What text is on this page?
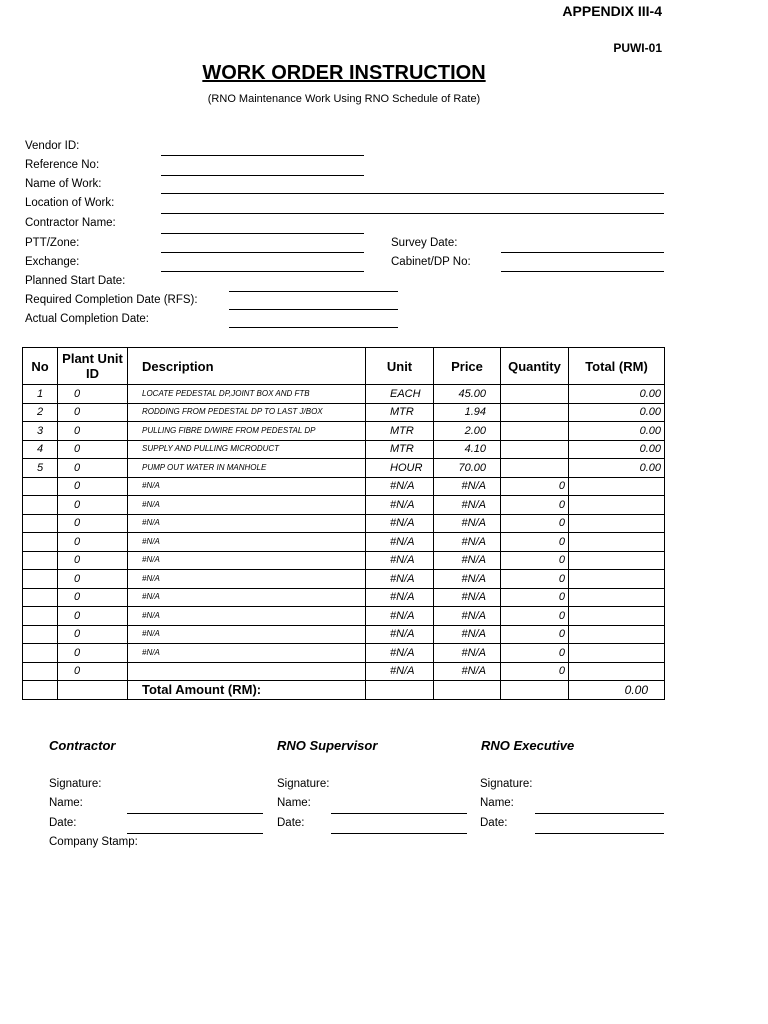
APPENDIX III-4
PUWI-01
WORK ORDER INSTRUCTION
(RNO Maintenance Work Using RNO Schedule of Rate)
Vendor ID:
Reference No:
Name of Work:
Location of Work:
Contractor Name:
PTT/Zone:
Exchange:
Planned Start Date:
Required Completion Date (RFS):
Actual Completion Date:
Survey Date:
Cabinet/DP No:
No	Plant Unit ID	Description	Unit	Price	Quantity	Total (RM)
1	0	LOCATE PEDESTAL DP,JOINT BOX AND FTB	EACH	45.00		0.00
2	0	RODDING FROM PEDESTAL DP TO LAST J/BOX	MTR	1.94		0.00
3	0	PULLING FIBRE D/WIRE FROM PEDESTAL DP	MTR	2.00		0.00
4	0	SUPPLY AND PULLING MICRODUCT	MTR	4.10		0.00
5	0	PUMP OUT WATER IN MANHOLE	HOUR	70.00		0.00
	0	#N/A	#N/A	#N/A	0	
	0	#N/A	#N/A	#N/A	0	
	0	#N/A	#N/A	#N/A	0	
	0	#N/A	#N/A	#N/A	0	
	0	#N/A	#N/A	#N/A	0	
	0	#N/A	#N/A	#N/A	0	
	0	#N/A	#N/A	#N/A	0	
	0	#N/A	#N/A	#N/A	0	
	0	#N/A	#N/A	#N/A	0	
	0	#N/A	#N/A	#N/A	0	
	0		#N/A	#N/A	0	
		Total Amount (RM):				0.00
Contractor	RNO Supervisor	RNO Executive
Signature:
Name:
Date:
Company Stamp:
Signature:
Name:
Date:
Signature:
Name:
Date:
